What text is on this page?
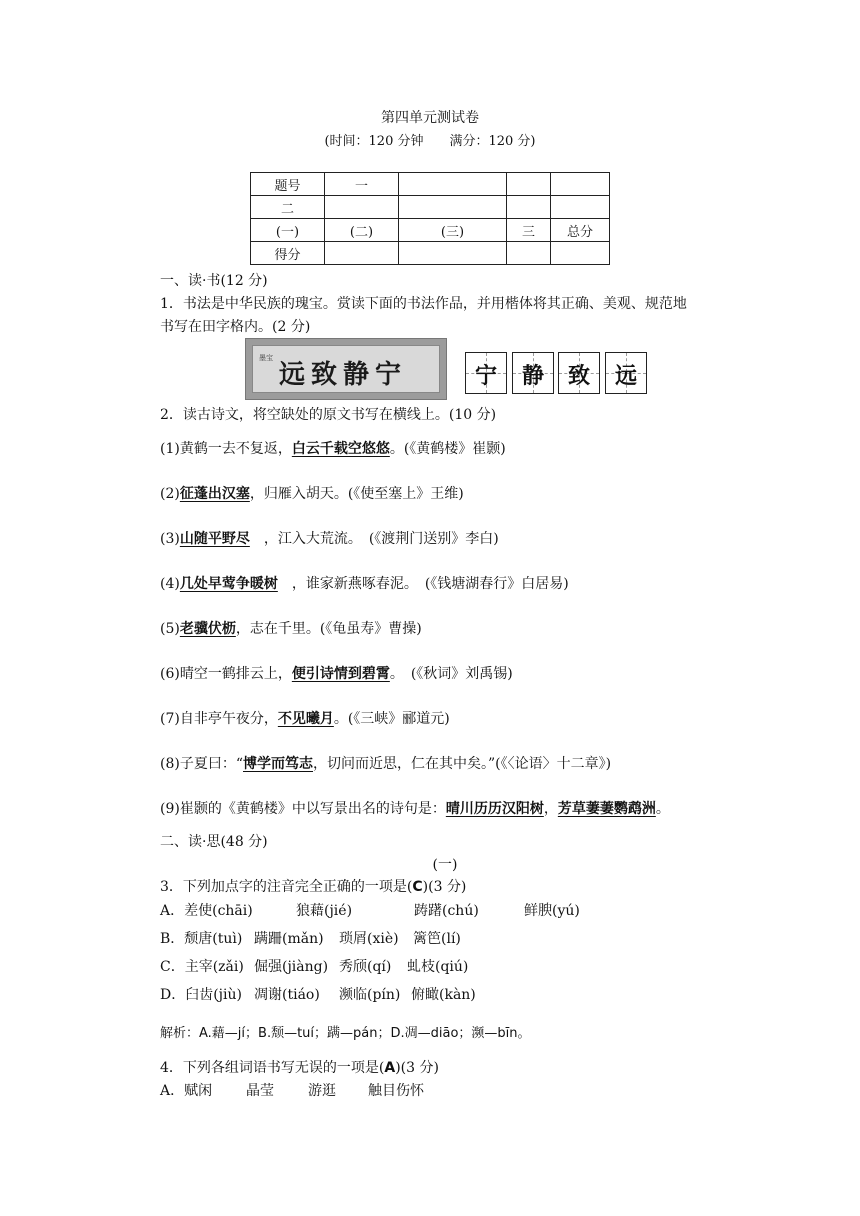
第四单元测试卷
(时间：120 分钟　　满分：120 分)
题号	一			
二				
(一)	(二)	(三)	三	总分
得分				
一、读·书(12 分)
1．书法是中华民族的瑰宝。赏读下面的书法作品，并用楷体将其正确、美观、规范地
书写在田字格内。(2 分)
墨宝
远致静宁	宁	静	致	远
2．读古诗文，将空缺处的原文书写在横线上。(10 分)
(1)黄鹤一去不复返，白云千载空悠悠。(《黄鹤楼》崔颢)
(2)征蓬出汉塞，归雁入胡天。(《使至塞上》王维)
(3)山随平野尽　，江入大荒流。　(《渡荆门送别》李白)
(4)几处早莺争暖树　，谁家新燕啄春泥。　(《钱塘湖春行》白居易)
(5)老骥伏枥，志在千里。(《龟虽寿》曹操)
(6)晴空一鹤排云上，便引诗情到碧霄。　(《秋词》刘禹锡)
(7)自非亭午夜分，不见曦月。(《三峡》郦道元)
(8)子夏曰：“博学而笃志，切问而近思，仁在其中矣。”(《〈论语〉十二章》)
(9)崔颢的《黄鹤楼》中以写景出名的诗句是：晴川历历汉阳树，芳草萋萋鹦鹉洲。
二、读·思(48 分)
(一)
3．下列加点字的注音完全正确的一项是(C)(3 分)
A．差使(chāi)	狼藉(jié)	踌躇(chú)	鲜腴(yú)
B．颓唐(tuì) 蹒跚(mǎn) 琐屑(xiè) 篱笆(lí)
C．主宰(zǎi) 倔强(jiàng) 秀颀(qí) 虬枝(qiú)
D．臼齿(jiù) 凋谢(tiáo) 濒临(pín) 俯瞰(kàn)
解析：A.藉—jí；B.颓—tuí；蹒—pán；D.凋—diāo；濒—bīn。
4．下列各组词语书写无误的一项是(A)(3 分)
A．赋闲 晶莹 游逛 触目伤怀
